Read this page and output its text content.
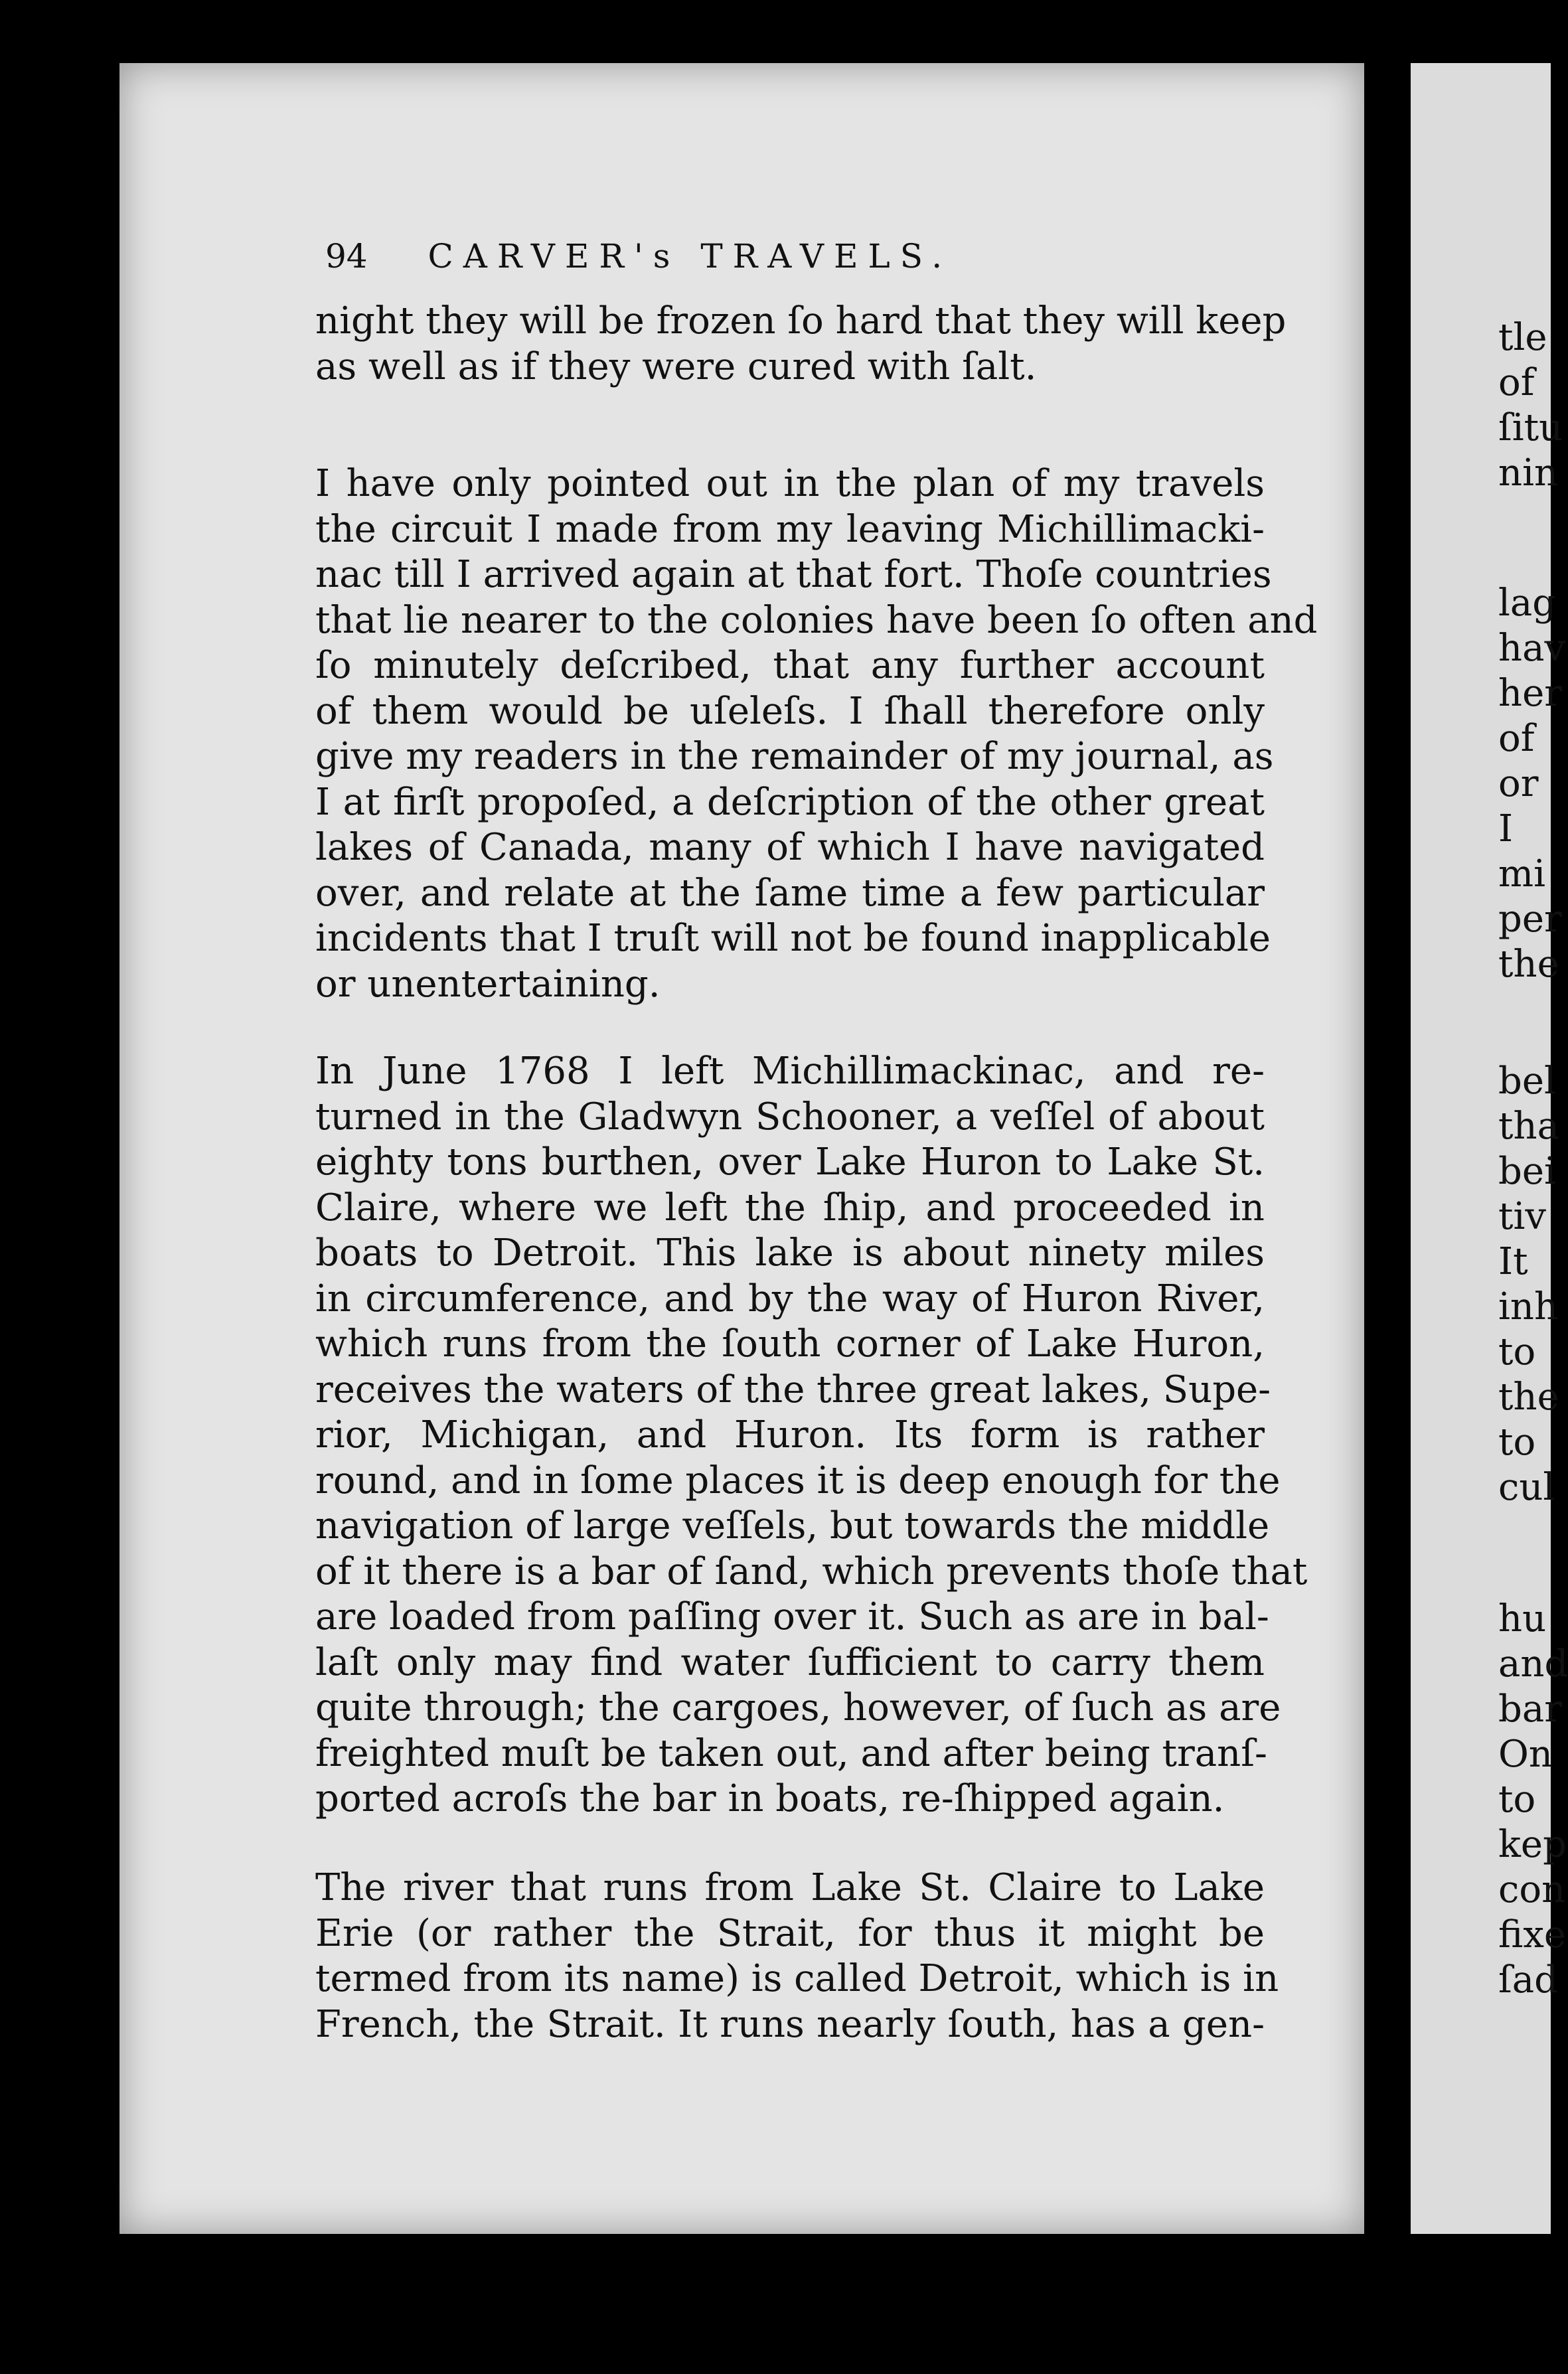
94 CARVER's TRAVELS.

night they will be frozen ſo hard that they will keep
as well as if they were cured with ſalt.

I have only pointed out in the plan of my travels
the circuit I made from my leaving Michillimacki-
nac till I arrived again at that fort. Thoſe countries
that lie nearer to the colonies have been ſo often and
ſo minutely deſcribed, that any further account
of them would be uſeleſs. I ſhall therefore only
give my readers in the remainder of my journal, as
I at firſt propoſed, a deſcription of the other great
lakes of Canada, many of which I have navigated
over, and relate at the ſame time a few particular
incidents that I truſt will not be found inapplicable
or unentertaining.

In June 1768 I left Michillimackinac, and re-
turned in the Gladwyn Schooner, a veſſel of about
eighty tons burthen, over Lake Huron to Lake St.
Claire, where we left the ſhip, and proceeded in
boats to Detroit. This lake is about ninety miles
in circumference, and by the way of Huron River,
which runs from the ſouth corner of Lake Huron,
receives the waters of the three great lakes, Supe-
rior, Michigan, and Huron. Its form is rather
round, and in ſome places it is deep enough for the
navigation of large veſſels, but towards the middle
of it there is a bar of ſand, which prevents thoſe that
are loaded from paſſing over it. Such as are in bal-
laſt only may find water ſufficient to carry them
quite through; the cargoes, however, of ſuch as are
freighted muſt be taken out, and after being tranſ-
ported acroſs the bar in boats, re-ſhipped again.

The river that runs from Lake St. Claire to Lake
Erie (or rather the Strait, for thus it might be
termed from its name) is called Detroit, which is in
French, the Strait. It runs nearly ſouth, has a gen-

tle
of
ſitu
nin
lag
hav
her
of
or
I
mi
per
the
bel
tha
bei
tiv
It
inh
to
the
to
cul
hu
and
bar
On
to
kep
con
fixe
ſad
